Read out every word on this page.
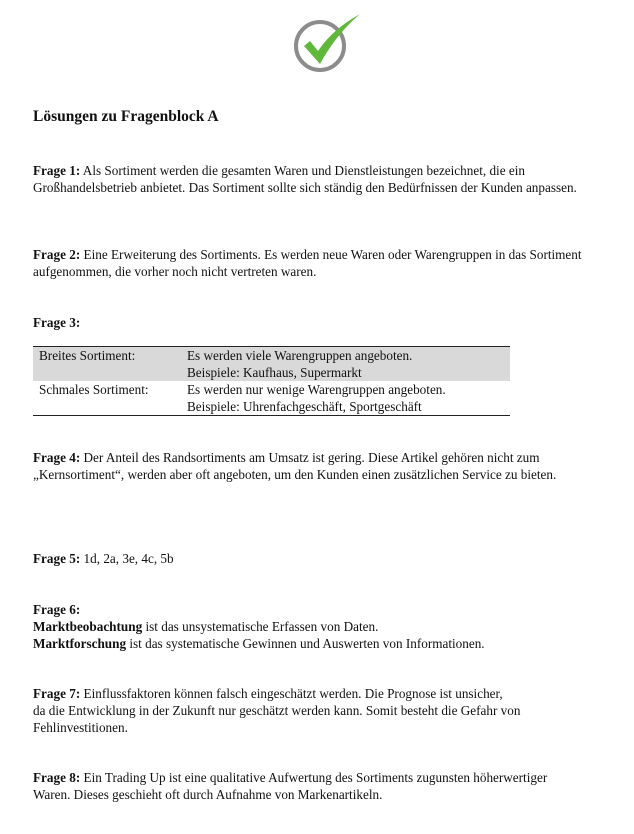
Lösungen zu Fragenblock A

Frage 1: Als Sortiment werden die gesamten Waren und Dienstleistungen bezeichnet, die ein Großhandelsbetrieb anbietet. Das Sortiment sollte sich ständig den Bedürfnissen der Kunden anpassen.

Frage 2: Eine Erweiterung des Sortiments. Es werden neue Waren oder Warengruppen in das Sortiment aufgenommen, die vorher noch nicht vertreten waren.

Frage 3:

Breites Sortiment:	Es werden viele Warengruppen angeboten.
Beispiele: Kaufhaus, Supermarkt

Schmales Sortiment:	Es werden nur wenige Warengruppen angeboten.
Beispiele: Uhrenfachgeschäft, Sportgeschäft

Frage 4: Der Anteil des Randsortiments am Umsatz ist gering. Diese Artikel gehören nicht zum „Kernsortiment“, werden aber oft angeboten, um den Kunden einen zusätzlichen Service zu bieten.

Frage 5: 1d, 2a, 3e, 4c, 5b

Frage 6:
Marktbeobachtung ist das unsystematische Erfassen von Daten.
Marktforschung ist das systematische Gewinnen und Auswerten von Informationen.
Frage 7: Einflussfaktoren können falsch eingeschätzt werden. Die Prognose ist unsicher,
da die Entwicklung in der Zukunft nur geschätzt werden kann. Somit besteht die Gefahr von Fehlinvestitionen.

Frage 8: Ein Trading Up ist eine qualitative Aufwertung des Sortiments zugunsten höherwertiger Waren. Dieses geschieht oft durch Aufnahme von Markenartikeln.
